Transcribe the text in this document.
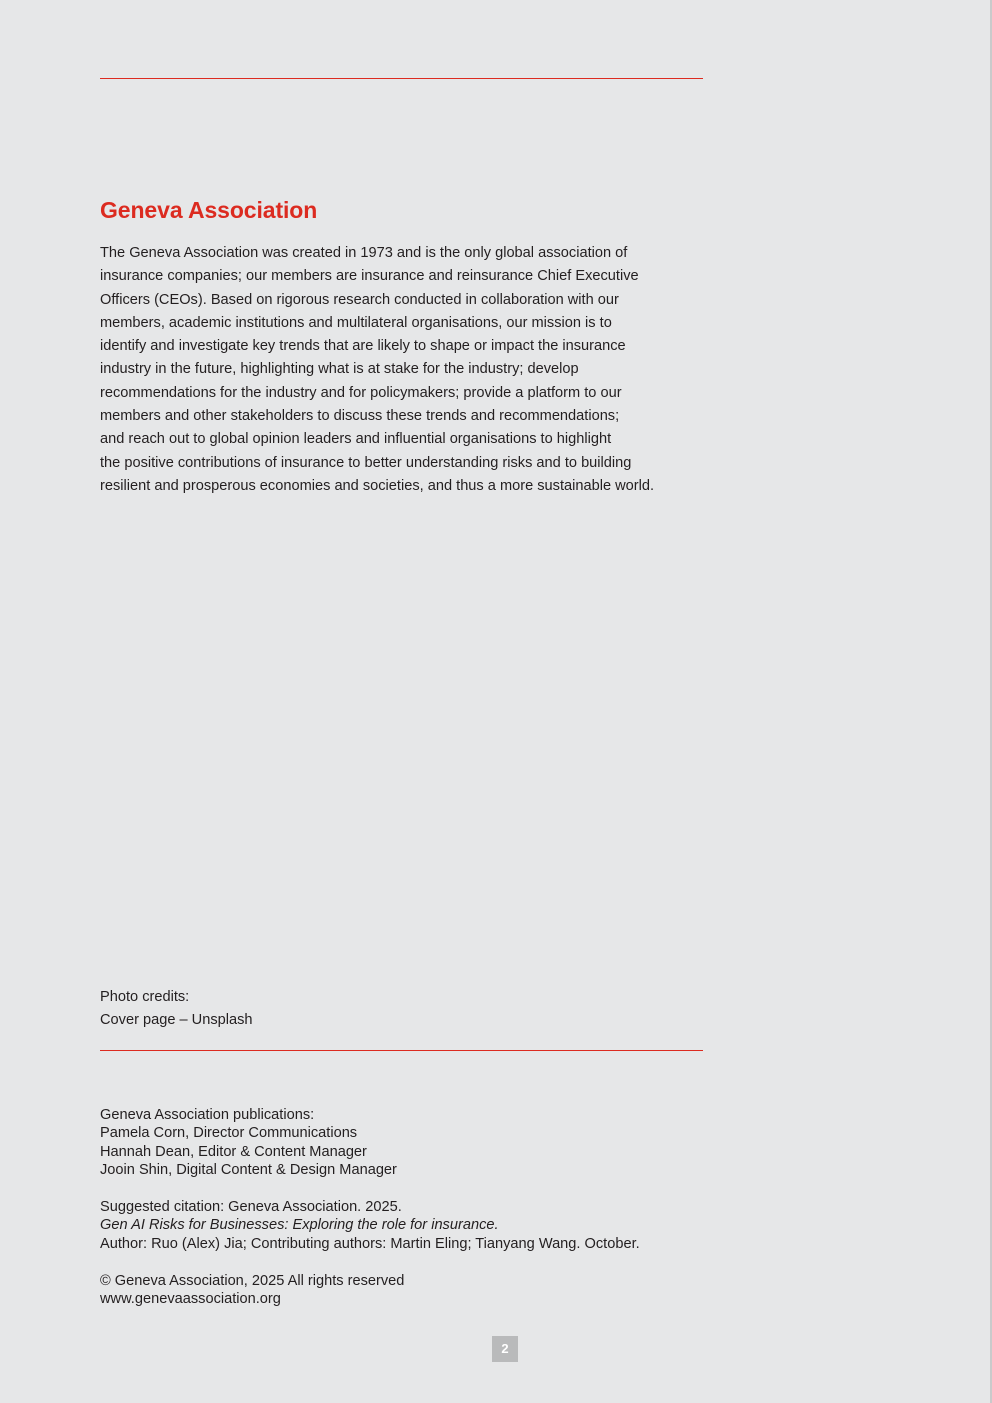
Geneva Association
The Geneva Association was created in 1973 and is the only global association of
insurance companies; our members are insurance and reinsurance Chief Executive
Officers (CEOs). Based on rigorous research conducted in collaboration with our
members, academic institutions and multilateral organisations, our mission is to
identify and investigate key trends that are likely to shape or impact the insurance
industry in the future, highlighting what is at stake for the industry; develop
recommendations for the industry and for policymakers; provide a platform to our
members and other stakeholders to discuss these trends and recommendations;
and reach out to global opinion leaders and influential organisations to highlight
the positive contributions of insurance to better understanding risks and to building
resilient and prosperous economies and societies, and thus a more sustainable world.
Photo credits:
Cover page – Unsplash
Geneva Association publications:
Pamela Corn, Director Communications
Hannah Dean, Editor & Content Manager
Jooin Shin, Digital Content & Design Manager
Suggested citation: Geneva Association. 2025.
Gen AI Risks for Businesses: Exploring the role for insurance.
Author: Ruo (Alex) Jia; Contributing authors: Martin Eling; Tianyang Wang. October.
© Geneva Association, 2025 All rights reserved
www.genevaassociation.org
2
